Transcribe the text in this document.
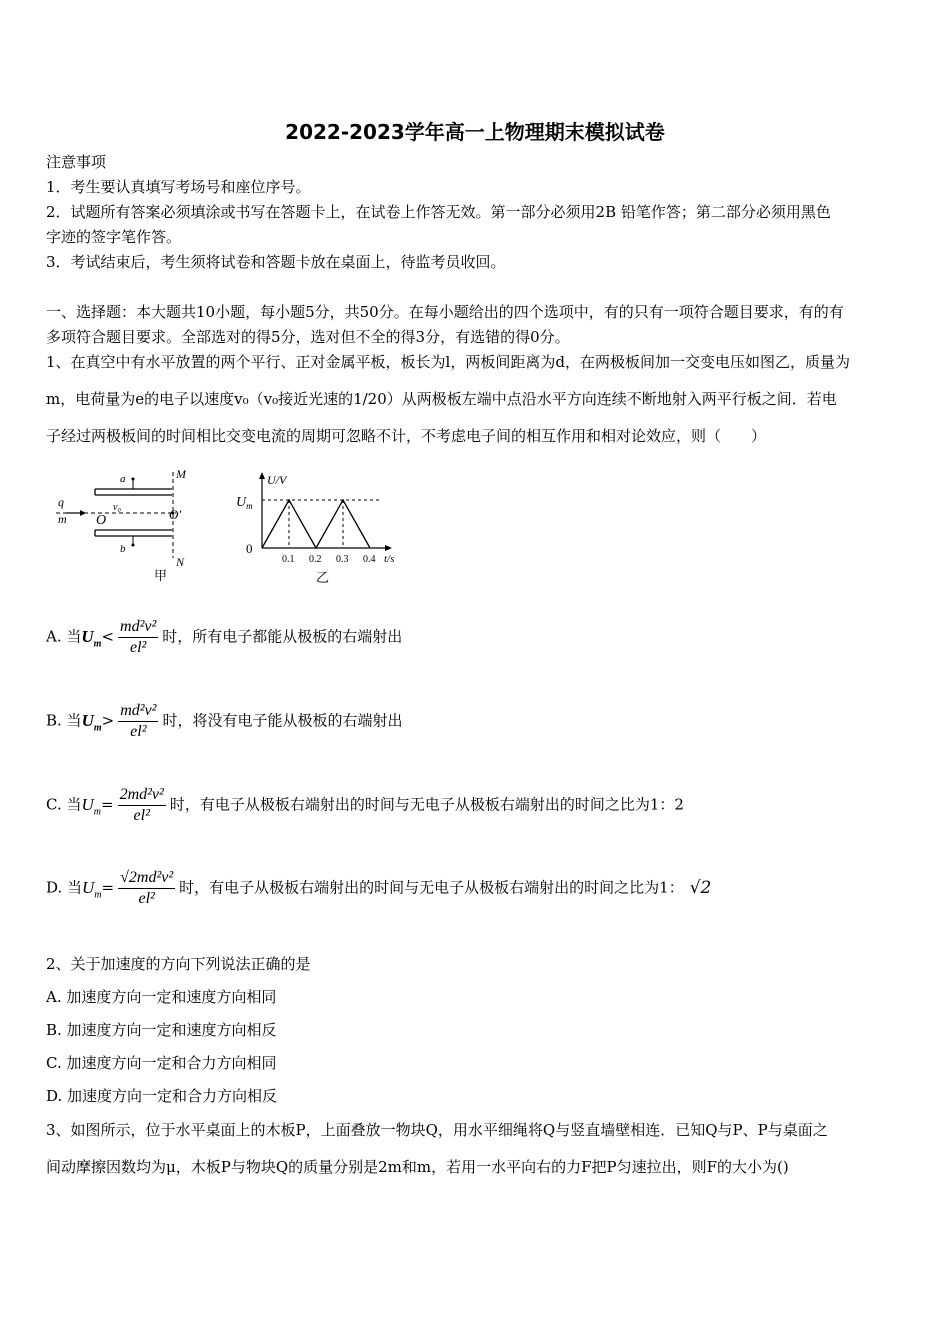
2022-2023学年高一上物理期末模拟试卷
注意事项
1．考生要认真填写考场号和座位序号。
2．试题所有答案必须填涂或书写在答题卡上，在试卷上作答无效。第一部分必须用2B 铅笔作答；第二部分必须用黑色
字迹的签字笔作答。
3．考试结束后，考生须将试卷和答题卡放在桌面上，待监考员收回。
一、选择题：本大题共10小题，每小题5分，共50分。在每小题给出的四个选项中，有的只有一项符合题目要求，有的有
多项符合题目要求。全部选对的得5分，选对但不全的得3分，有选错的得0分。
1、在真空中有水平放置的两个平行、正对金属平板，板长为l，两板间距离为d，在两极板间加一交变电压如图乙，质量为
m，电荷量为e的电子以速度v₀（v₀接近光速的1/20）从两极板左端中点沿水平方向连续不断地射入两平行板之间．若电
子经过两极板间的时间相比交变电流的周期可忽略不计，不考虑电子间的相互作用和相对论效应，则（　　）
a
b
M
N
q
m O
v₀	O′
甲
0.1 0.2 0.3 0.4
U/V
$U_m$
0
t/s
乙
A. 当$U_m< \frac{\text{md²v²}}{\text{el²}}$ 时，所有电子都能从极板的右端射出
B. 当$U_m> \frac{\text{md²v²}}{\text{el²}}$ 时，将没有电子能从极板的右端射出
C. 当$U_m= \frac{\text{2md²v²}}{\text{el²}}$ 时，有电子从极板右端射出的时间与无电子从极板右端射出的时间之比为1：2
D. 当$U_m= \frac{\text{√2md²v²}}{\text{el²}}$ 时，有电子从极板右端射出的时间与无电子从极板右端射出的时间之比为1： √2
2、关于加速度的方向下列说法正确的是
A. 加速度方向一定和速度方向相同
B. 加速度方向一定和速度方向相反
C. 加速度方向一定和合力方向相同
D. 加速度方向一定和合力方向相反
3、如图所示，位于水平桌面上的木板P，上面叠放一物块Q，用水平细绳将Q与竖直墙壁相连．已知Q与P、P与桌面之
间动摩擦因数均为μ，木板P与物块Q的质量分别是2m和m，若用一水平向右的力F把P匀速拉出，则F的大小为()
